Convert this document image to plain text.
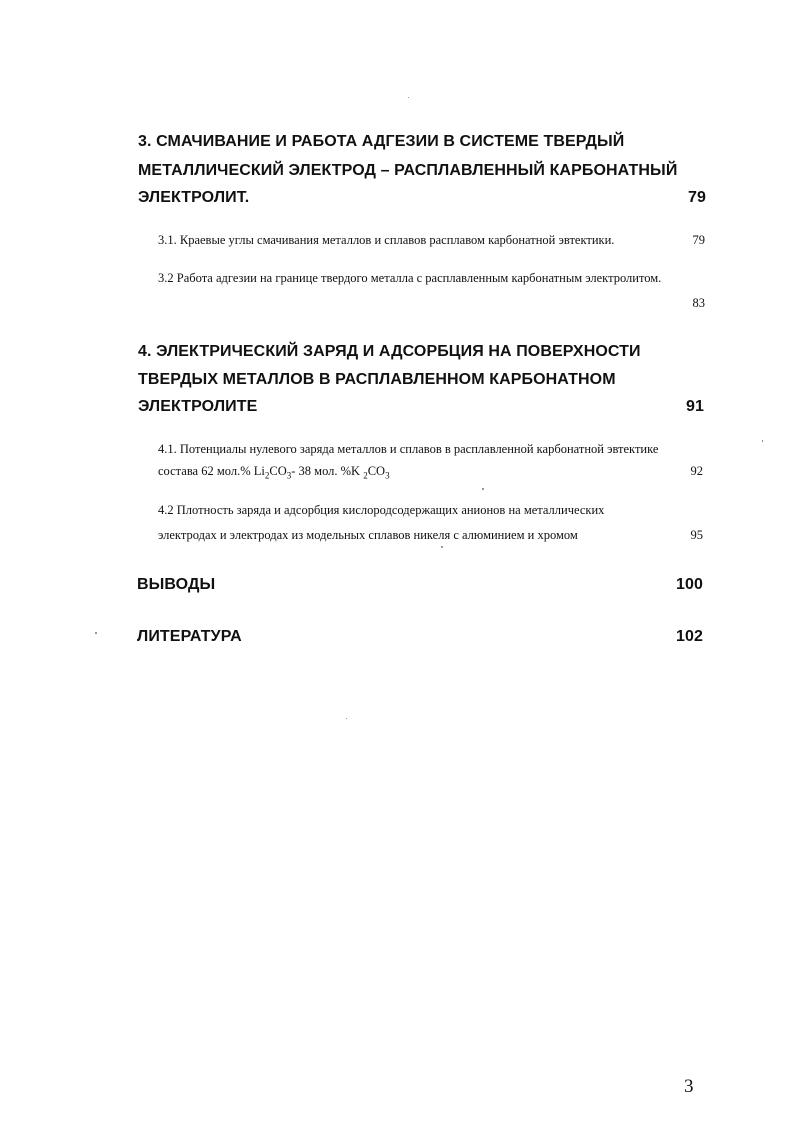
3. СМАЧИВАНИЕ И РАБОТА АДГЕЗИИ В СИСТЕМЕ ТВЕРДЫЙ
МЕТАЛЛИЧЕСКИЙ ЭЛЕКТРОД – РАСПЛАВЛЕННЫЙ КАРБОНАТНЫЙ
ЭЛЕКТРОЛИТ.	79
3.1. Краевые углы смачивания металлов и сплавов расплавом карбонатной эвтектики.	79
3.2 Работа адгезии на границе твердого металла с расплавленным карбонатным электролитом.
83
4. ЭЛЕКТРИЧЕСКИЙ ЗАРЯД И АДСОРБЦИЯ НА ПОВЕРХНОСТИ
ТВЕРДЫХ МЕТАЛЛОВ В РАСПЛАВЛЕННОМ КАРБОНАТНОМ
ЭЛЕКТРОЛИТЕ	91
4.1. Потенциалы нулевого заряда металлов и сплавов в расплавленной карбонатной эвтектике
состава 62 мол.% $Li_2CO_3-$ 38 мол. %K $_2CO_3$	92
4.2 Плотность заряда и адсорбция кислородсодержащих анионов на металлических
электродах и электродах из модельных сплавов никеля с алюминием и хромом	95
ВЫВОДЫ	100
ЛИТЕРАТУРА	102
3
